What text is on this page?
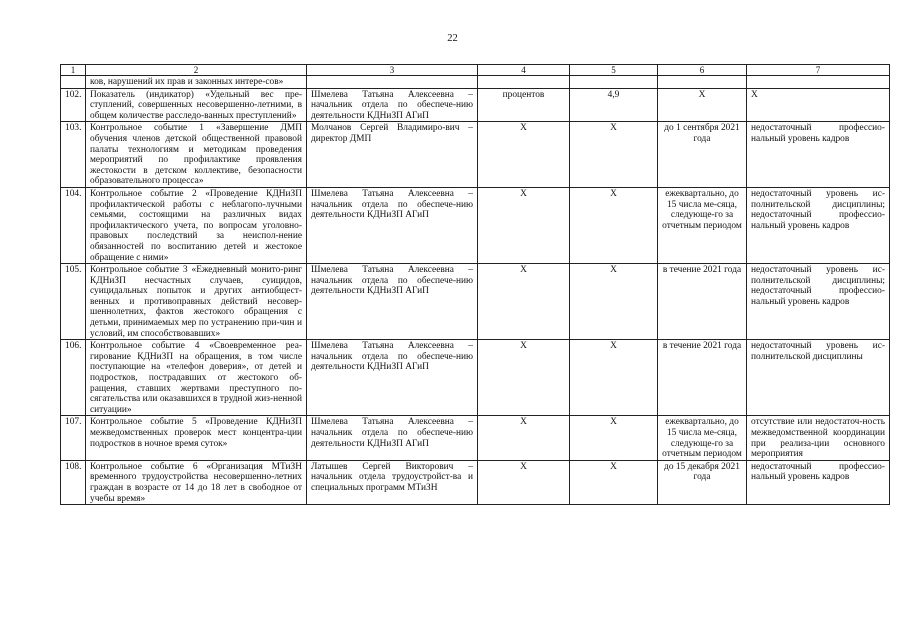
22
1	2	3	4	5	6	7
	ков, нарушений их прав и законных интере-сов»					
102.	Показатель (индикатор) «Удельный вес пре-ступлений, совершенных несовершенно-летними, в общем количестве расследо-ванных преступлений»	Шмелева Татьяна Алексеевна – начальник отдела по обеспече-нию деятельности КДНиЗП АГиП	процентов	4,9	Х	Х
103.	Контрольное событие 1 «Завершение ДМП обучения членов детской общественной правовой палаты технологиям и методикам проведения мероприятий по профилактике проявления жестокости в детском коллективе, безопасности образовательного процесса»	Молчанов Сергей Владимиро-вич – директор ДМП	Х	Х	до 1 сентября 2021 года	недостаточный профессио-нальный уровень кадров
104.	Контрольное событие 2 «Проведение КДНиЗП профилактической работы с неблагопо-лучными семьями, состоящими на различных видах профилактического учета, по вопросам уголовно-правовых последствий за неиспол-нение обязанностей по воспитанию детей и жестокое обращение с ними»	Шмелева Татьяна Алексеевна – начальник отдела по обеспече-нию деятельности КДНиЗП АГиП	Х	Х	ежеквартально, до 15 числа ме-сяца, следующе-го за отчетным периодом	недостаточный уровень ис-полнительской дисциплины; недостаточный профессио-нальный уровень кадров
105.	Контрольное событие 3 «Ежедневный монито-ринг КДНиЗП несчастных случаев, суицидов, суицидальных попыток и других антиобщест-венных и противоправных действий несовер-шеннолетних, фактов жестокого обращения с детьми, принимаемых мер по устранению при-чин и условий, им способствовавших»	Шмелева Татьяна Алексеевна – начальник отдела по обеспече-нию деятельности КДНиЗП АГиП	Х	Х	в течение 2021 года	недостаточный уровень ис-полнительской дисциплины; недостаточный профессио-нальный уровень кадров
106.	Контрольное событие 4 «Своевременное реа-гирование КДНиЗП на обращения, в том числе поступающие на «телефон доверия», от детей и подростков, пострадавших от жестокого об-ращения, ставших жертвами преступного по-сягательства или оказавшихся в трудной жиз-ненной ситуации»	Шмелева Татьяна Алексеевна – начальник отдела по обеспече-нию деятельности КДНиЗП АГиП	Х	Х	в течение 2021 года	недостаточный уровень ис-полнительской дисциплины
107.	Контрольное событие 5 «Проведение КДНиЗП межведомственных проверок мест концентра-ции подростков в ночное время суток»	Шмелева Татьяна Алексеевна – начальник отдела по обеспече-нию деятельности КДНиЗП АГиП	Х	Х	ежеквартально, до 15 числа ме-сяца, следующе-го за отчетным периодом	отсутствие или недостаточ-ность межведомственной координации при реализа-ции основного мероприятия
108.	Контрольное событие 6 «Организация МТиЗН временного трудоустройства несовершенно-летних граждан в возрасте от 14 до 18 лет в свободное от учебы время»	Латышев Сергей Викторович – начальник отдела трудоустройст-ва и специальных программ МТиЗН	Х	Х	до 15 декабря 2021 года	недостаточный профессио-нальный уровень кадров
